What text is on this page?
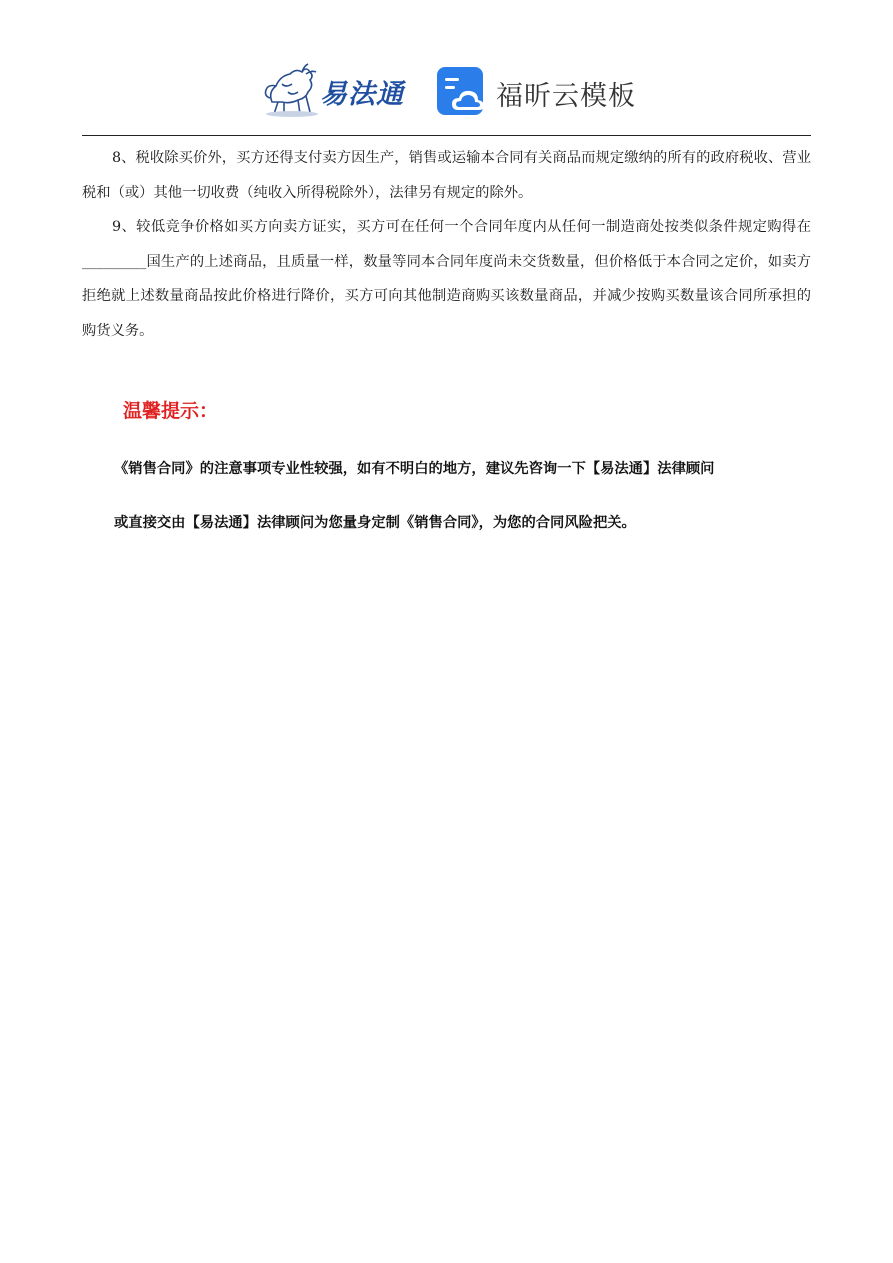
易法通	福昕云模板

8、税收除买价外，买方还得支付卖方因生产，销售或运输本合同有关商品而规定缴纳的所有的政府税收、营业税和（或）其他一切收费（纯收入所得税除外），法律另有规定的除外。

9、较低竞争价格如买方向卖方证实，买方可在任何一个合同年度内从任何一制造商处按类似条件规定购得在_________国生产的上述商品，且质量一样，数量等同本合同年度尚未交货数量，但价格低于本合同之定价，如卖方拒绝就上述数量商品按此价格进行降价，买方可向其他制造商购买该数量商品，并减少按购买数量该合同所承担的购货义务。

温馨提示：

《销售合同》的注意事项专业性较强，如有不明白的地方，建议先咨询一下【易法通】法律顾问

或直接交由【易法通】法律顾问为您量身定制《销售合同》，为您的合同风险把关。
